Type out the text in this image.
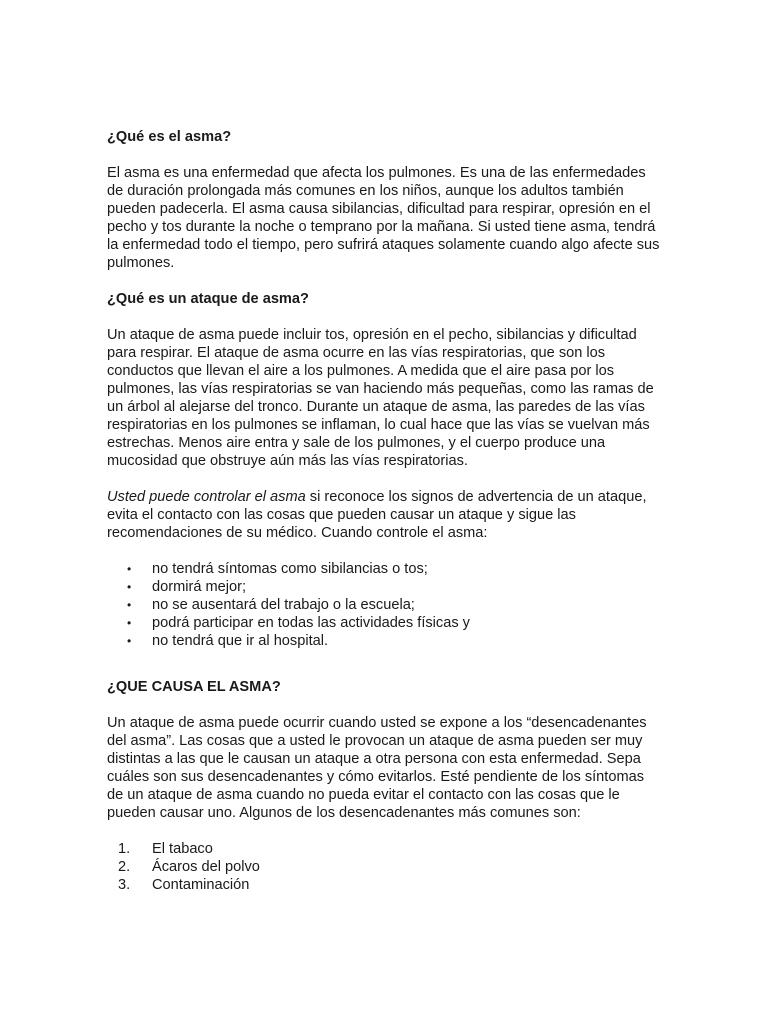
¿Qué es el asma?

El asma es una enfermedad que afecta los pulmones. Es una de las enfermedades de duración prolongada más comunes en los niños, aunque los adultos también pueden padecerla. El asma causa sibilancias, dificultad para respirar, opresión en el pecho y tos durante la noche o temprano por la mañana. Si usted tiene asma, tendrá la enfermedad todo el tiempo, pero sufrirá ataques solamente cuando algo afecte sus pulmones.

¿Qué es un ataque de asma?

Un ataque de asma puede incluir tos, opresión en el pecho, sibilancias y dificultad para respirar. El ataque de asma ocurre en las vías respiratorias, que son los conductos que llevan el aire a los pulmones. A medida que el aire pasa por los pulmones, las vías respiratorias se van haciendo más pequeñas, como las ramas de un árbol al alejarse del tronco. Durante un ataque de asma, las paredes de las vías respiratorias en los pulmones se inflaman, lo cual hace que las vías se vuelvan más estrechas. Menos aire entra y sale de los pulmones, y el cuerpo produce una mucosidad que obstruye aún más las vías respiratorias.

Usted puede controlar el asma si reconoce los signos de advertencia de un ataque, evita el contacto con las cosas que pueden causar un ataque y sigue las recomendaciones de su médico. Cuando controle el asma:

• no tendrá síntomas como sibilancias o tos;
• dormirá mejor;
• no se ausentará del trabajo o la escuela;
• podrá participar en todas las actividades físicas y
• no tendrá que ir al hospital.
¿QUE CAUSA EL ASMA?

Un ataque de asma puede ocurrir cuando usted se expone a los “desencadenantes del asma”. Las cosas que a usted le provocan un ataque de asma pueden ser muy distintas a las que le causan un ataque a otra persona con esta enfermedad. Sepa cuáles son sus desencadenantes y cómo evitarlos. Esté pendiente de los síntomas de un ataque de asma cuando no pueda evitar el contacto con las cosas que le pueden causar uno. Algunos de los desencadenantes más comunes son:

1. El tabaco
2. Ácaros del polvo
3. Contaminación
